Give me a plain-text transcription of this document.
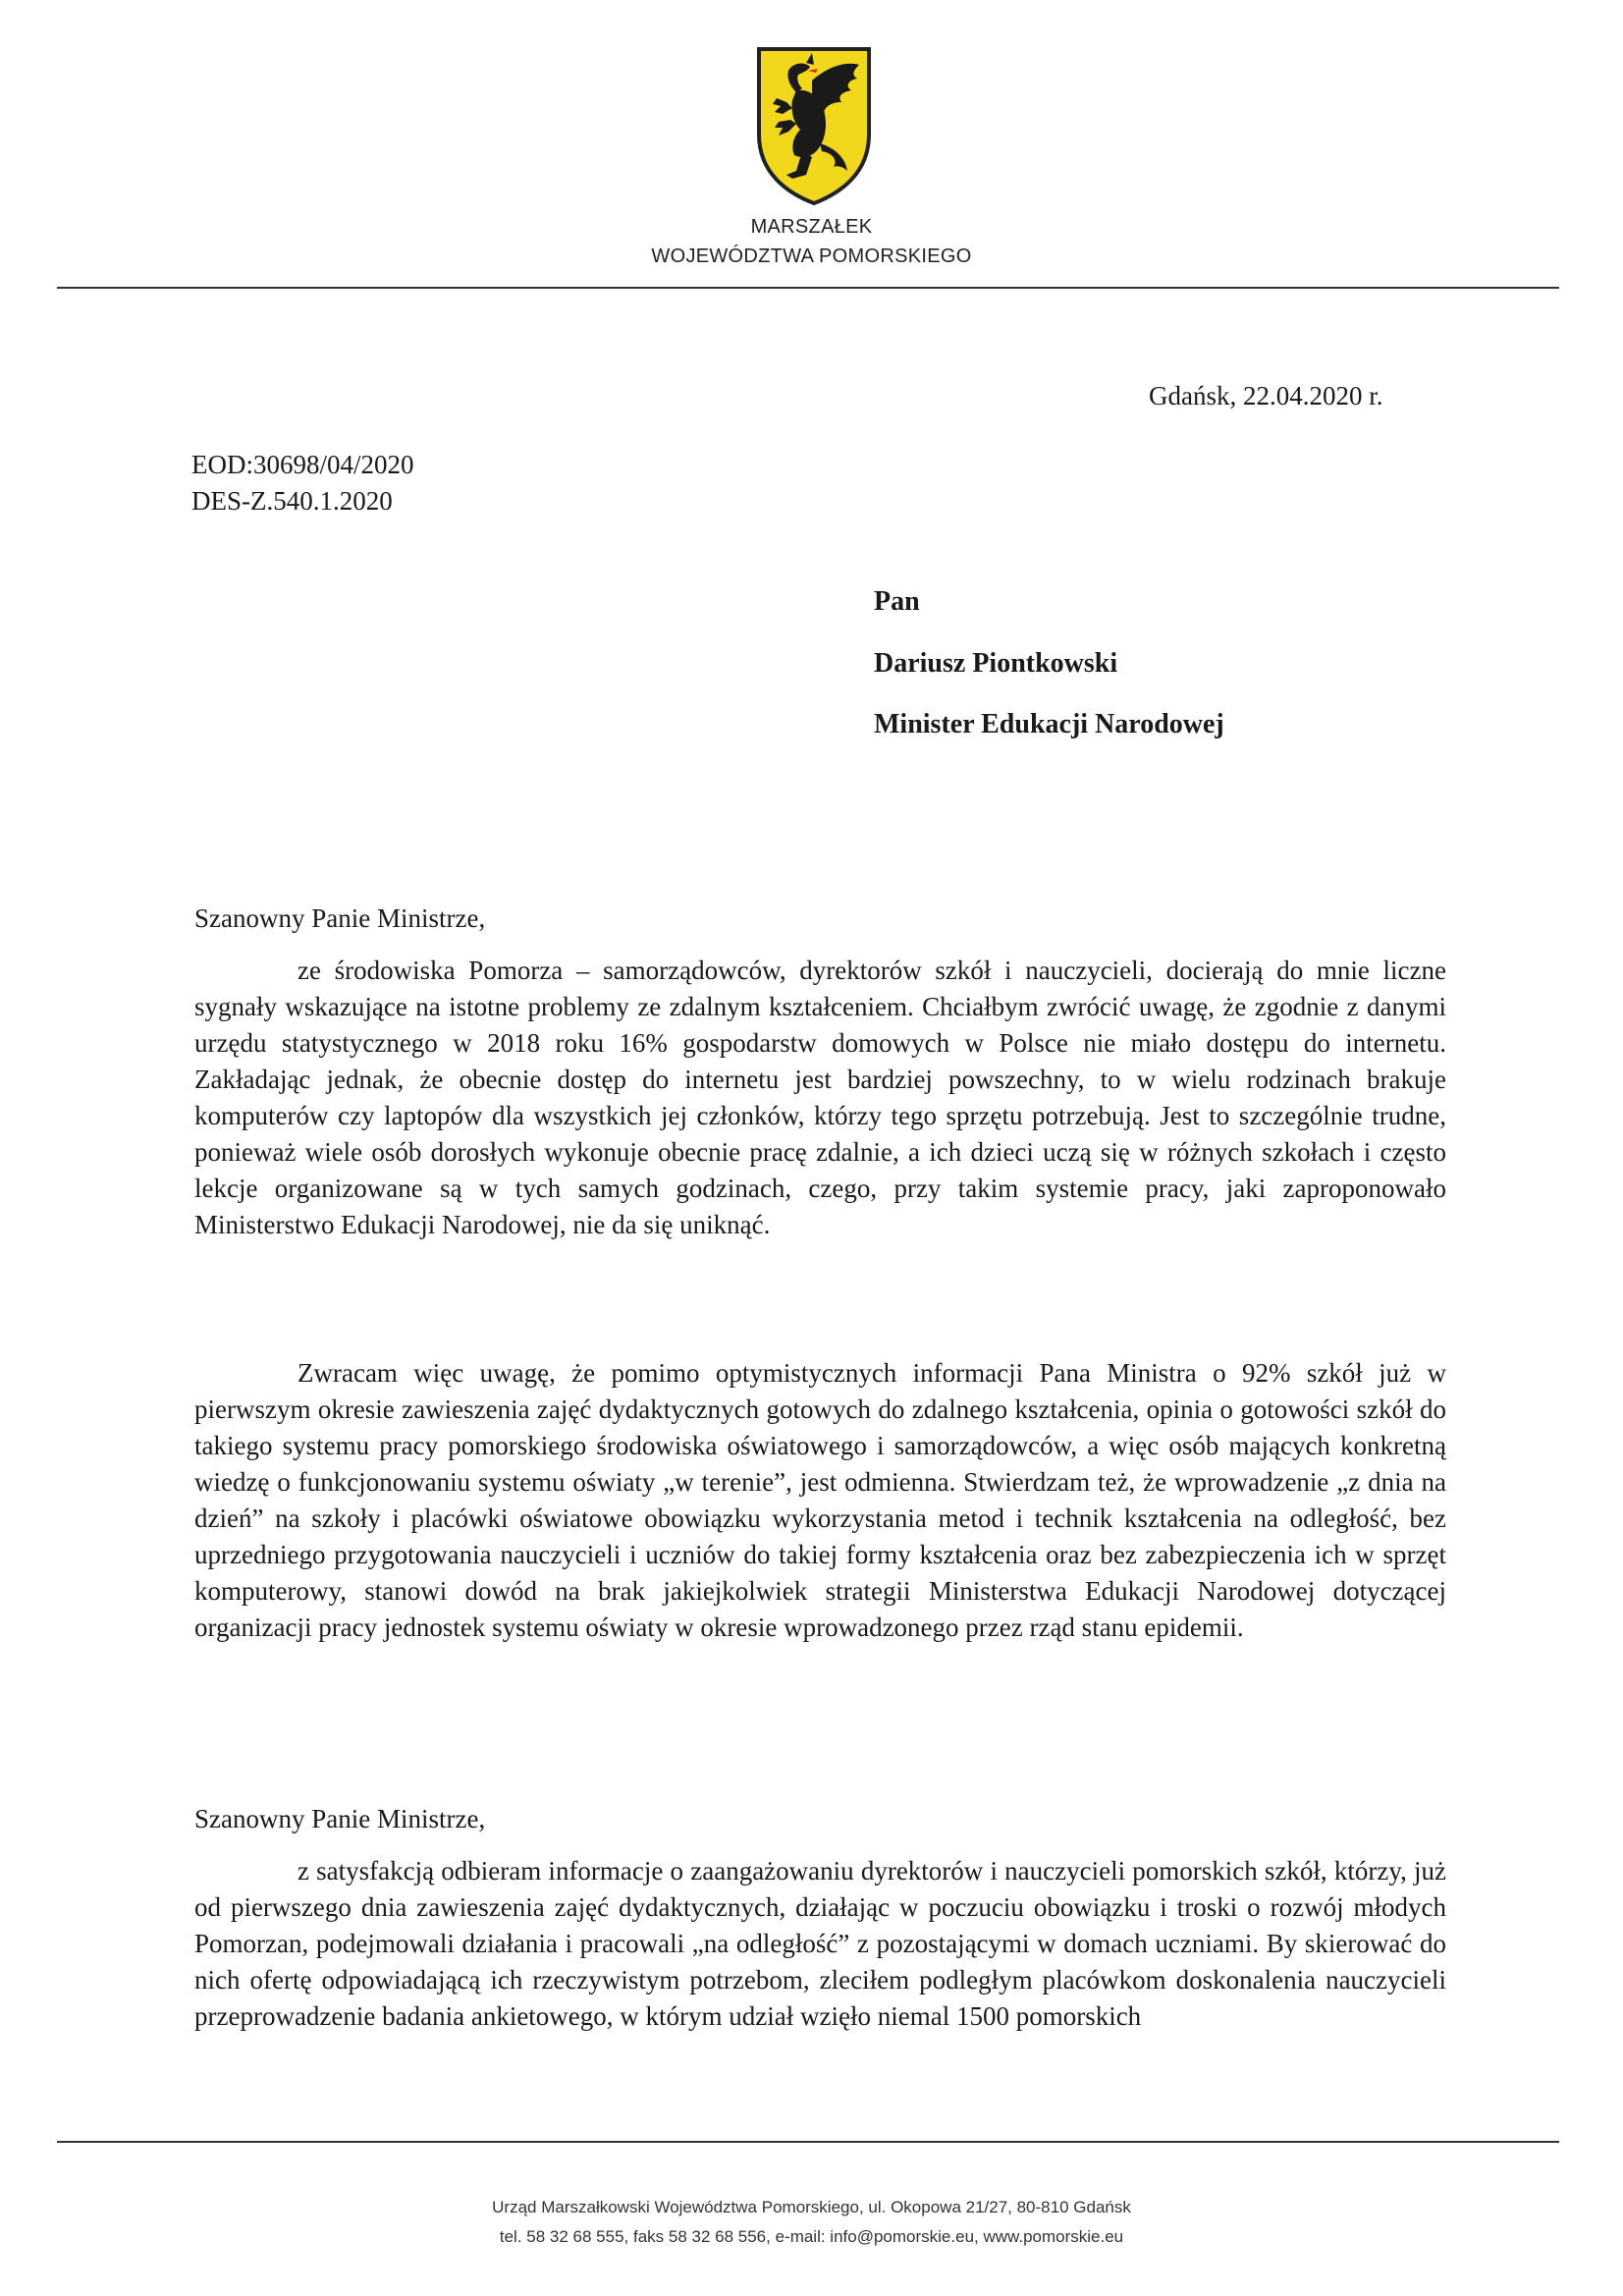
MARSZAŁEK
WOJEWÓDZTWA POMORSKIEGO
Gdańsk, 22.04.2020 r.
EOD:30698/04/2020
DES-Z.540.1.2020
Pan
Dariusz Piontkowski
Minister Edukacji Narodowej
Szanowny Panie Ministrze,

ze środowiska Pomorza – samorządowców, dyrektorów szkół i nauczycieli, docierają do mnie liczne sygnały wskazujące na istotne problemy ze zdalnym kształceniem. Chciałbym zwrócić uwagę, że zgodnie z danymi urzędu statystycznego w 2018 roku 16% gospodarstw domowych w Polsce nie miało dostępu do internetu. Zakładając jednak, że obecnie dostęp do internetu jest bardziej powszechny, to w wielu rodzinach brakuje komputerów czy laptopów dla wszystkich jej członków, którzy tego sprzętu potrzebują. Jest to szczególnie trudne, ponieważ wiele osób dorosłych wykonuje obecnie pracę zdalnie, a ich dzieci uczą się w różnych szkołach i często lekcje organizowane są w tych samych godzinach, czego, przy takim systemie pracy, jaki zaproponowało Ministerstwo Edukacji Narodowej, nie da się uniknąć.

Zwracam więc uwagę, że pomimo optymistycznych informacji Pana Ministra o 92% szkół już w pierwszym okresie zawieszenia zajęć dydaktycznych gotowych do zdalnego kształcenia, opinia o gotowości szkół do takiego systemu pracy pomorskiego środowiska oświatowego i samorządowców, a więc osób mających konkretną wiedzę o funkcjonowaniu systemu oświaty „w terenie”, jest odmienna. Stwierdzam też, że wprowadzenie „z dnia na dzień” na szkoły i placówki oświatowe obowiązku wykorzystania metod i technik kształcenia na odległość, bez uprzedniego przygotowania nauczycieli i uczniów do takiej formy kształcenia oraz bez zabezpieczenia ich w sprzęt komputerowy, stanowi dowód na brak jakiejkolwiek strategii Ministerstwa Edukacji Narodowej dotyczącej organizacji pracy jednostek systemu oświaty w okresie wprowadzonego przez rząd stanu epidemii.

Szanowny Panie Ministrze,

z satysfakcją odbieram informacje o zaangażowaniu dyrektorów i nauczycieli pomorskich szkół, którzy, już od pierwszego dnia zawieszenia zajęć dydaktycznych, działając w poczuciu obowiązku i troski o rozwój młodych Pomorzan, podejmowali działania i pracowali „na odległość” z pozostającymi w domach uczniami. By skierować do nich ofertę odpowiadającą ich rzeczywistym potrzebom, zleciłem podległym placówkom doskonalenia nauczycieli przeprowadzenie badania ankietowego, w którym udział wzięło niemal 1500 pomorskich

Urząd Marszałkowski Województwa Pomorskiego, ul. Okopowa 21/27, 80-810 Gdańsk
tel. 58 32 68 555, faks 58 32 68 556, e-mail: info@pomorskie.eu, www.pomorskie.eu
